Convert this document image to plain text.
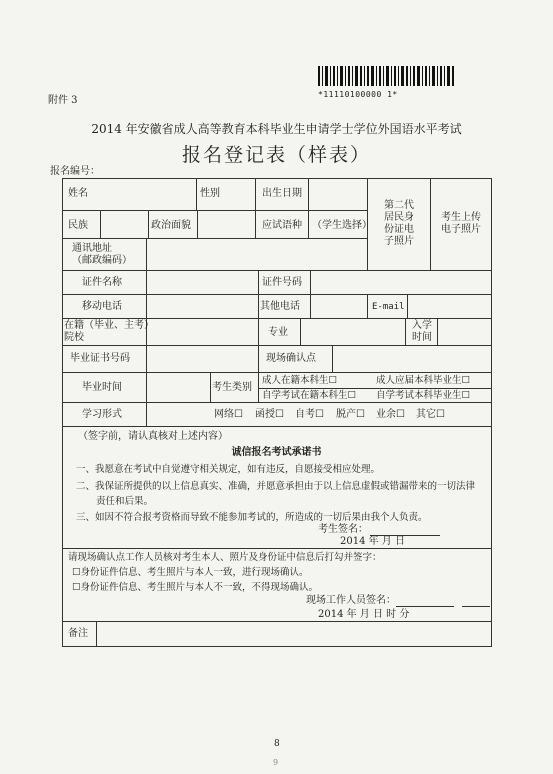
附件 3
*11110100000 1*
2014 年安徽省成人高等教育本科毕业生申请学士学位外国语水平考试
报名登记表（样表）
报名编号：
姓名	性别	出生日期
第二代
居民身
份证电
子照片
考生上传
电子照片
民族	政治面貌	应试语种 （学生选择）
通讯地址
（邮政编码）
证件名称	证件号码
移动电话	其他电话	E-mail
在籍（毕业、主考）
院校	专业
入学
时间
毕业证书号码	现场确认点
毕业时间	考生类别
成人在籍本科生☐	成人应届本科毕业生☐
自学考试在籍本科生☐ 自学考试本科毕业生☐
学习形式	网络☐ 函授☐ 自考☐ 脱产☐ 业余☐ 其它☐
（签字前，请认真核对上述内容）
诚信报名考试承诺书
一、我愿意在考试中自觉遵守相关规定，如有违反，自愿接受相应处理。
二、我保证所提供的以上信息真实、准确，并愿意承担由于以上信息虚假或错漏带来的一切法律
责任和后果。
三、如因不符合报考资格而导致不能参加考试的，所造成的一切后果由我个人负责。
考生签名：
2014 年 月 日
请现场确认点工作人员核对考生本人、照片及身份证中信息后打勾并签字：
☐身份证件信息、考生照片与本人一致，进行现场确认。
☐身份证件信息、考生照片与本人不一致，不得现场确认。
现场工作人员签名：
2014 年 月 日 时 分
备注
8
9
